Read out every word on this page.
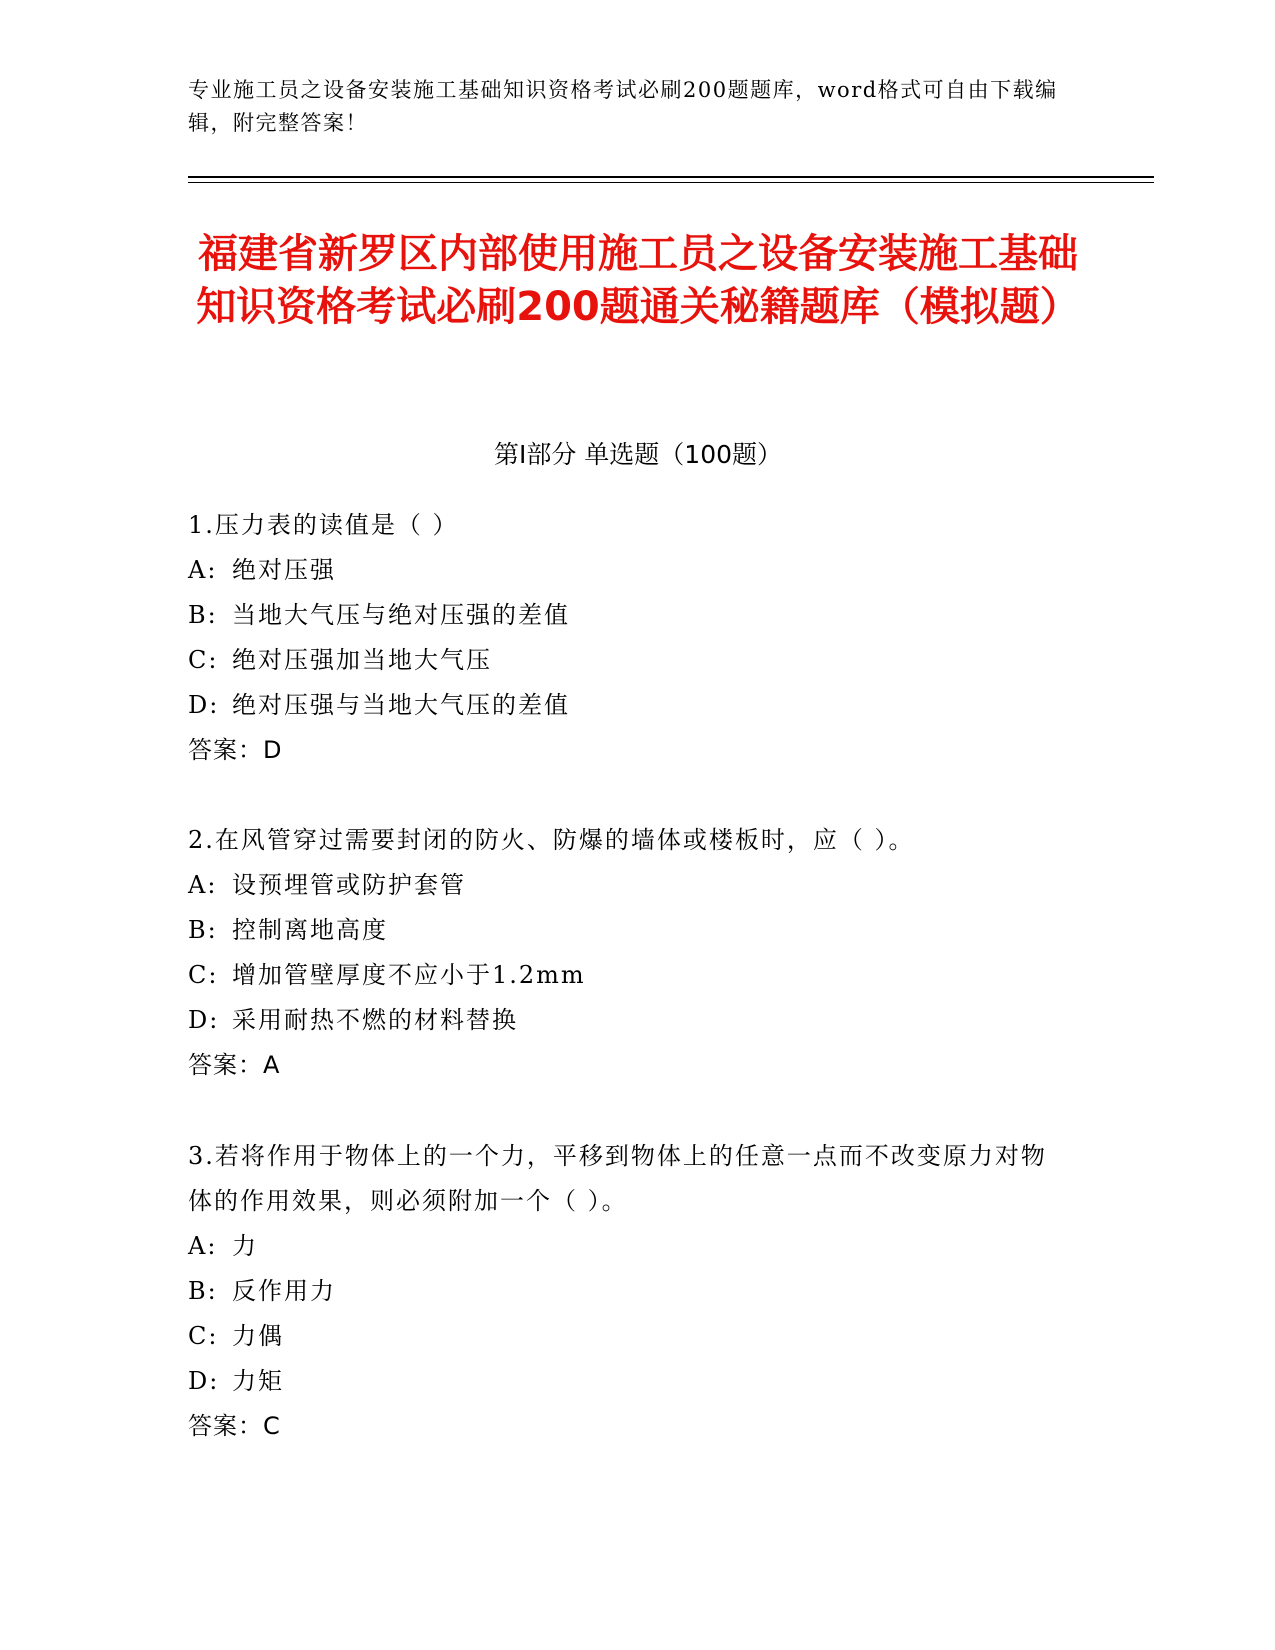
专业施工员之设备安装施工基础知识资格考试必刷200题题库，word格式可自由下载编辑，附完整答案！
福建省新罗区内部使用施工员之设备安装施工基础知识资格考试必刷200题通关秘籍题库（模拟题）
第Ⅰ部分 单选题（100题）

1.压力表的读值是（ ）

A: 绝对压强

B: 当地大气压与绝对压强的差值

C: 绝对压强加当地大气压

D: 绝对压强与当地大气压的差值

答案：D

2.在风管穿过需要封闭的防火、防爆的墙体或楼板时，应（ ）。

A: 设预埋管或防护套管

B: 控制离地高度

C: 增加管壁厚度不应小于1.2mm

D: 采用耐热不燃的材料替换

答案：A

3.若将作用于物体上的一个力，平移到物体上的任意一点而不改变原力对物体的作用效果，则必须附加一个（ ）。

A: 力

B: 反作用力

C: 力偶

D: 力矩

答案：C
